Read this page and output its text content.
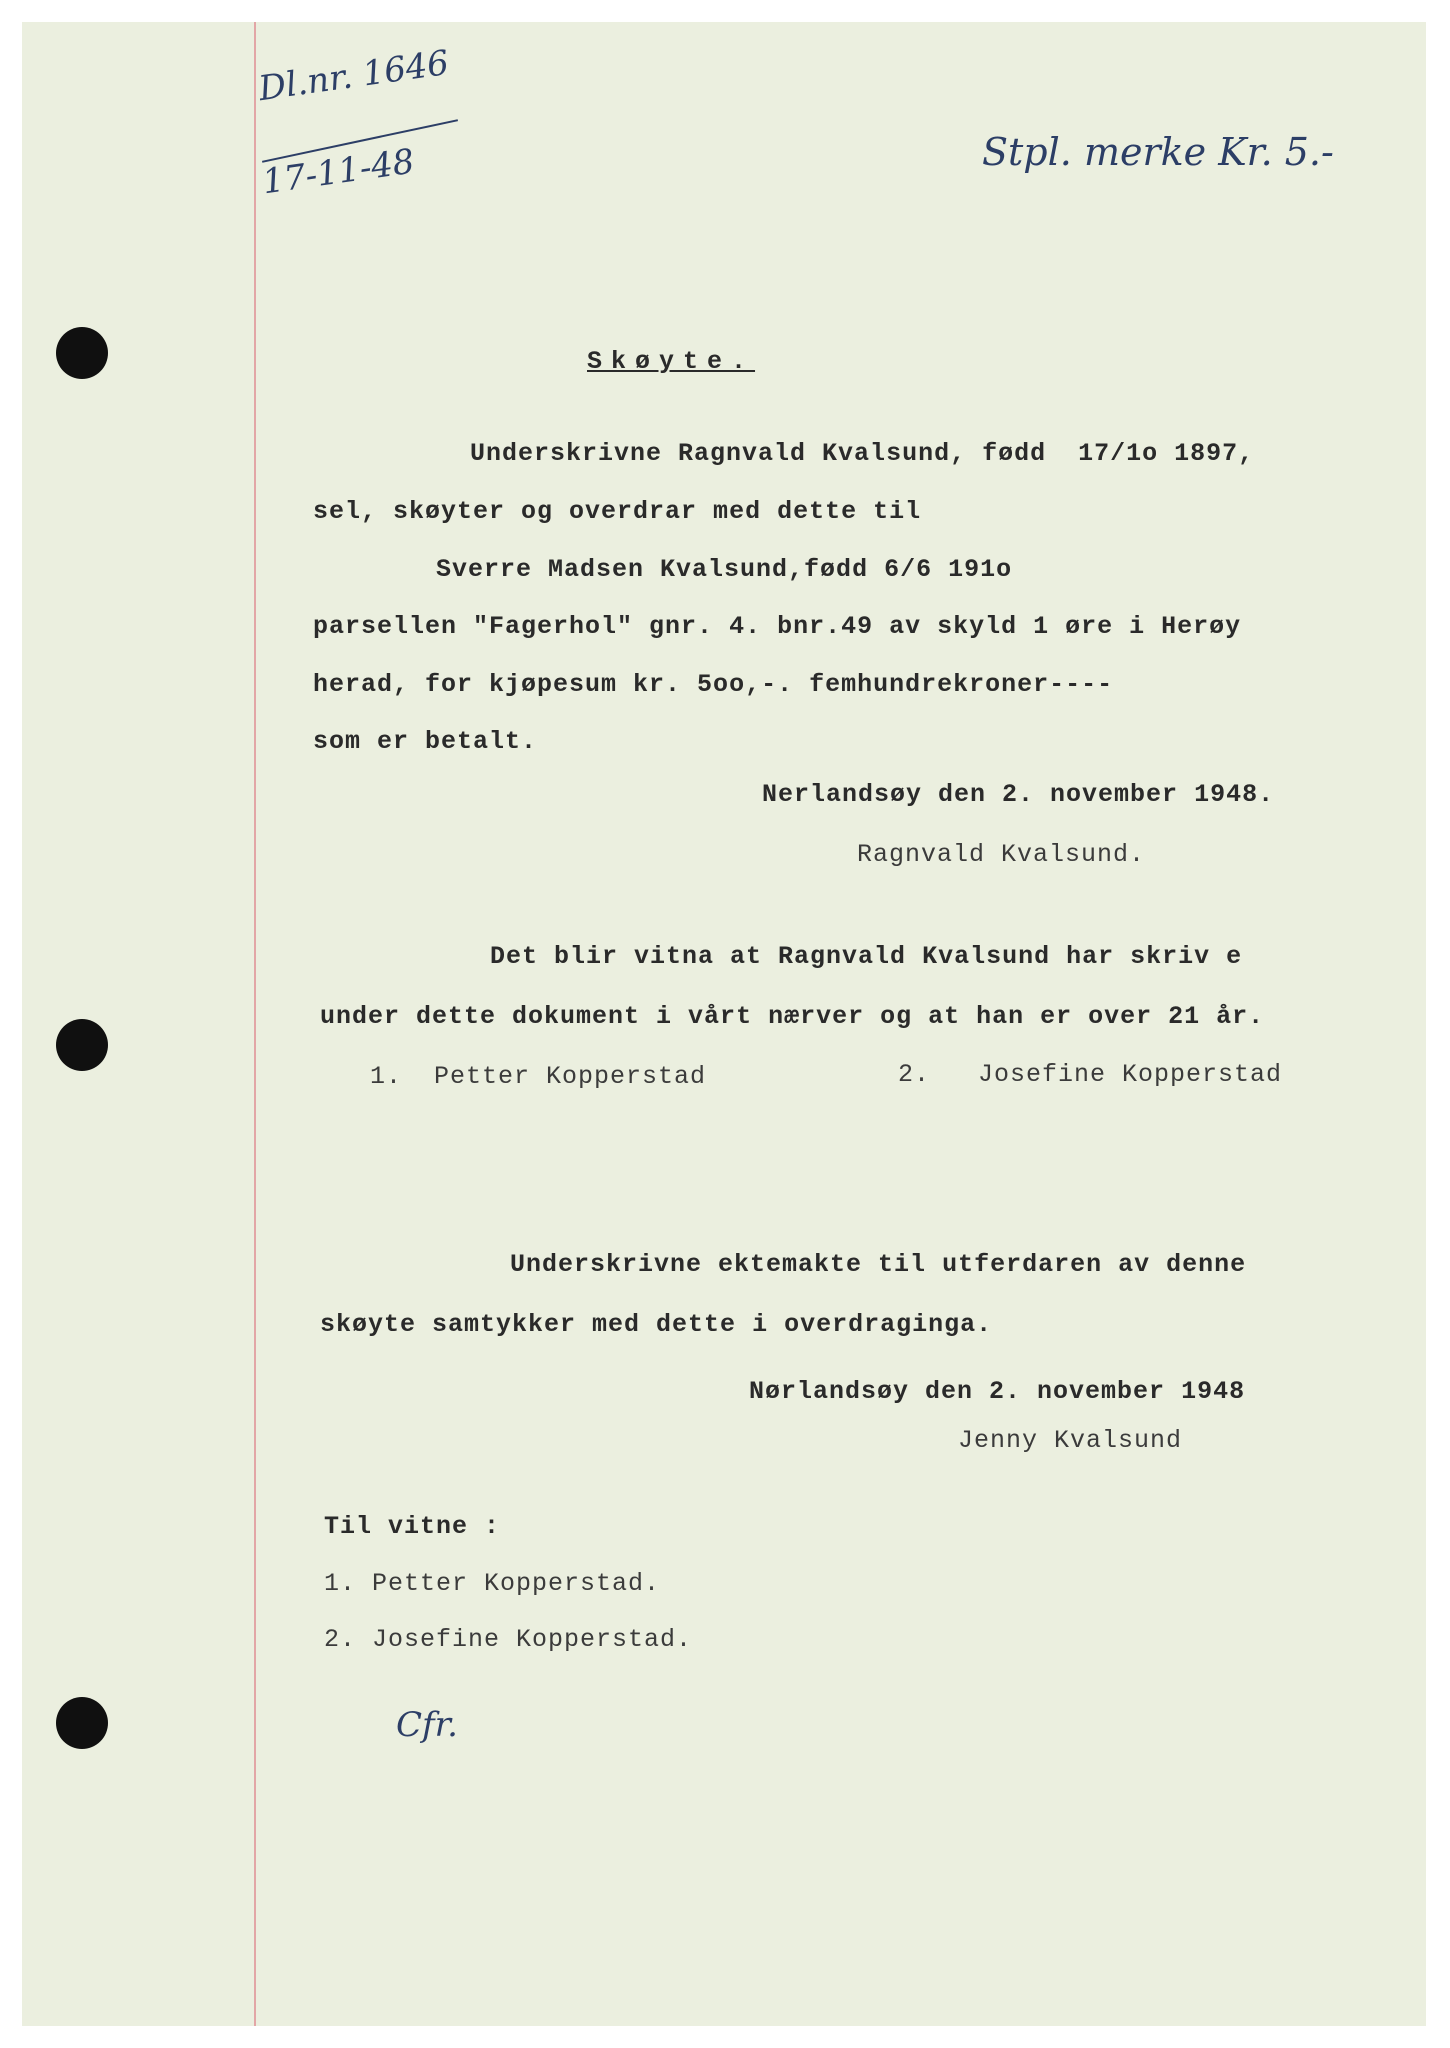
Dl.nr. 1646
17-11-48	Stpl. merke Kr. 5.-
Skøyte.
Underskrivne Ragnvald Kvalsund, fødd  17/1o 1897,
sel, skøyter og overdrar med dette til
Sverre Madsen Kvalsund,fødd 6/6 191o
parsellen "Fagerhol" gnr. 4. bnr.49 av skyld 1 øre i Herøy
herad, for kjøpesum kr. 5oo,-. femhundrekroner----
som er betalt.
Nerlandsøy den 2. november 1948.
Ragnvald Kvalsund.
Det blir vitna at Ragnvald Kvalsund har skriv e
under dette dokument i vårt nærver og at han er over 21 år.
1.  Petter Kopperstad	2.   Josefine Kopperstad
Underskrivne ektemakte til utferdaren av denne
skøyte samtykker med dette i overdraginga.
Nørlandsøy den 2. november 1948
Jenny Kvalsund
Til vitne :
1. Petter Kopperstad.
2. Josefine Kopperstad.
Cfr.
